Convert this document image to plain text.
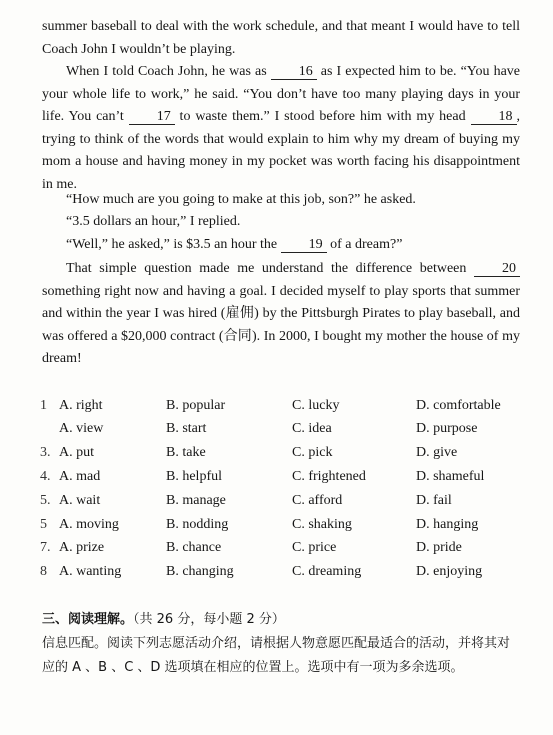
summer baseball to deal with the work schedule, and that meant I would have to tell Coach John I wouldn’t be playing.

When I told Coach John, he was as 16 as I expected him to be. “You have your whole life to work,” he said. “You don’t have too many playing days in your life. You can’t 17 to waste them.” I stood before him with my head 18 , trying to think of the words that would explain to him why my dream of buying my mom a house and having money in my pocket was worth facing his disappointment in me.

“How much are you going to make at this job, son?” he asked.

“3.5 dollars an hour,” I replied.

“Well,” he asked,” is $3.5 an hour the 19 of a dream?”

That simple question made me understand the difference between 20 something right now and having a goal. I decided myself to play sports that summer and within the year I was hired (雇佣) by the Pittsburgh Pirates to play baseball, and was offered a $20,000 contract (合同). In 2000, I bought my mother the house of my dream!

1 A. right	B. popular	C. lucky	D. comfortable
A. view	B. start	C. idea	D. purpose
3. A. put	B. take	C. pick	D. give
4. A. mad	B. helpful	C. frightened	D. shameful
5. A. wait	B. manage	C. afford	D. fail
5 A. moving	B. nodding	C. shaking	D. hanging
7. A. prize	B. chance	C. price	D. pride
8 A. wanting	B. changing	C. dreaming	D. enjoying

三、阅读理解。（共 26 分，每小题 2 分）

信息匹配。阅读下列志愿活动介绍，请根据人物意愿匹配最适合的活动，并将其对应的 A 、B 、C 、D 选项填在相应的位置上。选项中有一项为多余选项。
